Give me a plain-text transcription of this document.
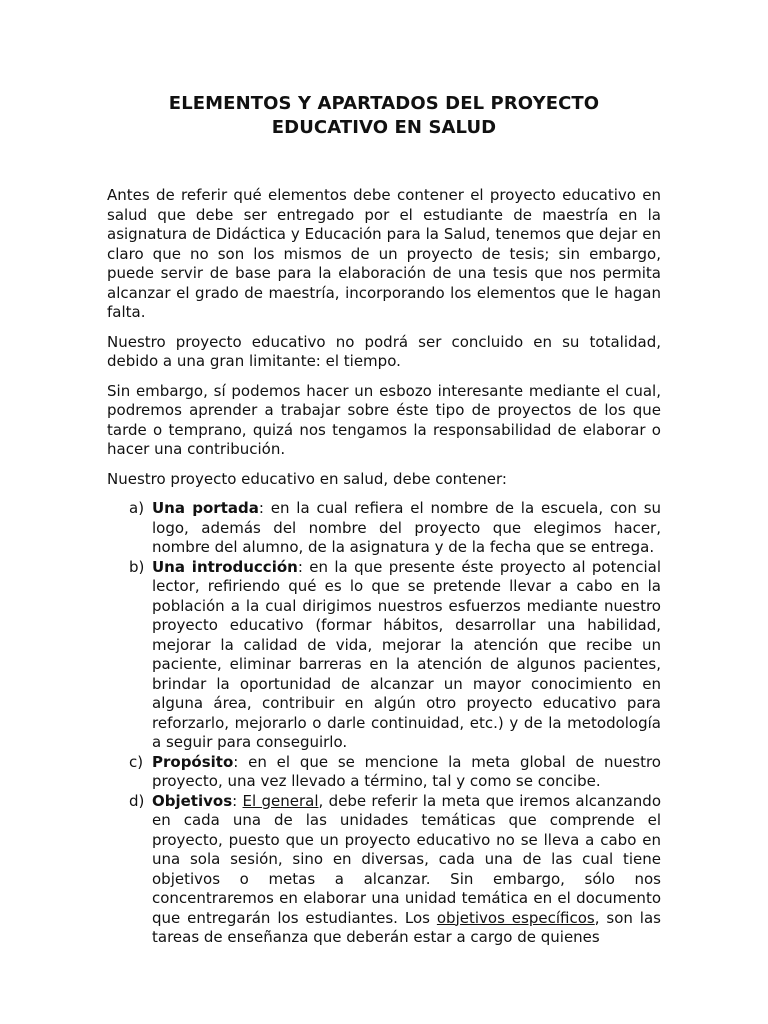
ELEMENTOS Y APARTADOS DEL PROYECTO
EDUCATIVO EN SALUD

Antes de referir qué elementos debe contener el proyecto educativo en salud que debe ser entregado por el estudiante de maestría en la asignatura de Didáctica y Educación para la Salud, tenemos que dejar en claro que no son los mismos de un proyecto de tesis; sin embargo, puede servir de base para la elaboración de una tesis que nos permita alcanzar el grado de maestría, incorporando los elementos que le hagan falta.

Nuestro proyecto educativo no podrá ser concluido en su totalidad, debido a una gran limitante: el tiempo.

Sin embargo, sí podemos hacer un esbozo interesante mediante el cual, podremos aprender a trabajar sobre éste tipo de proyectos de los que tarde o temprano, quizá nos tengamos la responsabilidad de elaborar o hacer una contribución.

Nuestro proyecto educativo en salud, debe contener:

a) Una portada: en la cual refiera el nombre de la escuela, con su logo, además del nombre del proyecto que elegimos hacer, nombre del alumno, de la asignatura y de la fecha que se entrega.
b) Una introducción: en la que presente éste proyecto al potencial lector, refiriendo qué es lo que se pretende llevar a cabo en la población a la cual dirigimos nuestros esfuerzos mediante nuestro proyecto educativo (formar hábitos, desarrollar una habilidad, mejorar la calidad de vida, mejorar la atención que recibe un paciente, eliminar barreras en la atención de algunos pacientes, brindar la oportunidad de alcanzar un mayor conocimiento en alguna área, contribuir en algún otro proyecto educativo para reforzarlo, mejorarlo o darle continuidad, etc.) y de la metodología a seguir para conseguirlo.
c) Propósito: en el que se mencione la meta global de nuestro proyecto, una vez llevado a término, tal y como se concibe.
d) Objetivos: El general, debe referir la meta que iremos alcanzando en cada una de las unidades temáticas que comprende el proyecto, puesto que un proyecto educativo no se lleva a cabo en una sola sesión, sino en diversas, cada una de las cual tiene objetivos o metas a alcanzar. Sin embargo, sólo nos concentraremos en elaborar una unidad temática en el documento que entregarán los estudiantes. Los objetivos específicos, son las tareas de enseñanza que deberán estar a cargo de quienes
